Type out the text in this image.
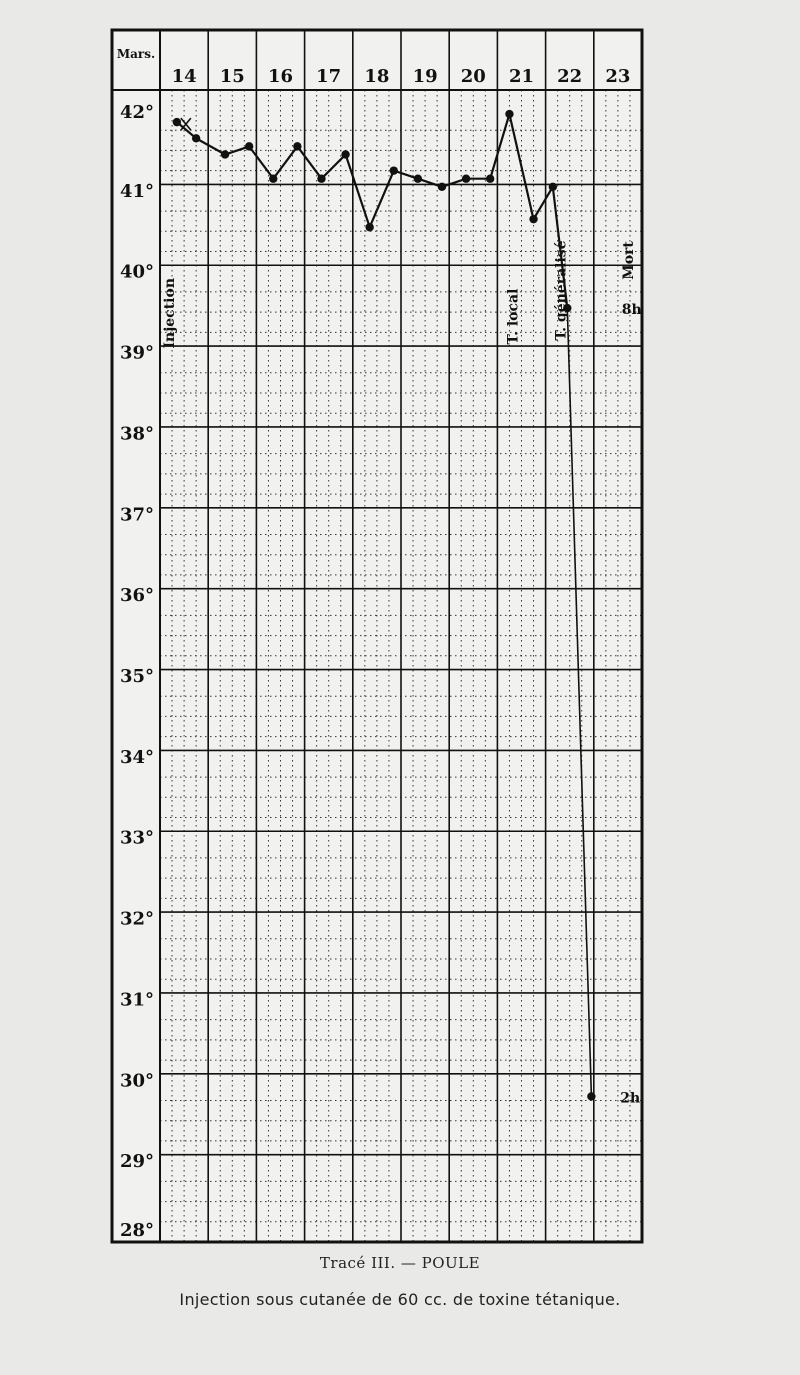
Mars.
14 15 16 17 18 19 20 21 22 23
42°
41°
40°
39°
38°
37°
36°
35°
34°
33°
32°
31°
30°
29°
28°
Injection	T. local T. généralisé	Mort
8h
2h
Tracé III. — POULE
Injection sous cutanée de 60 cc. de toxine tétanique.
